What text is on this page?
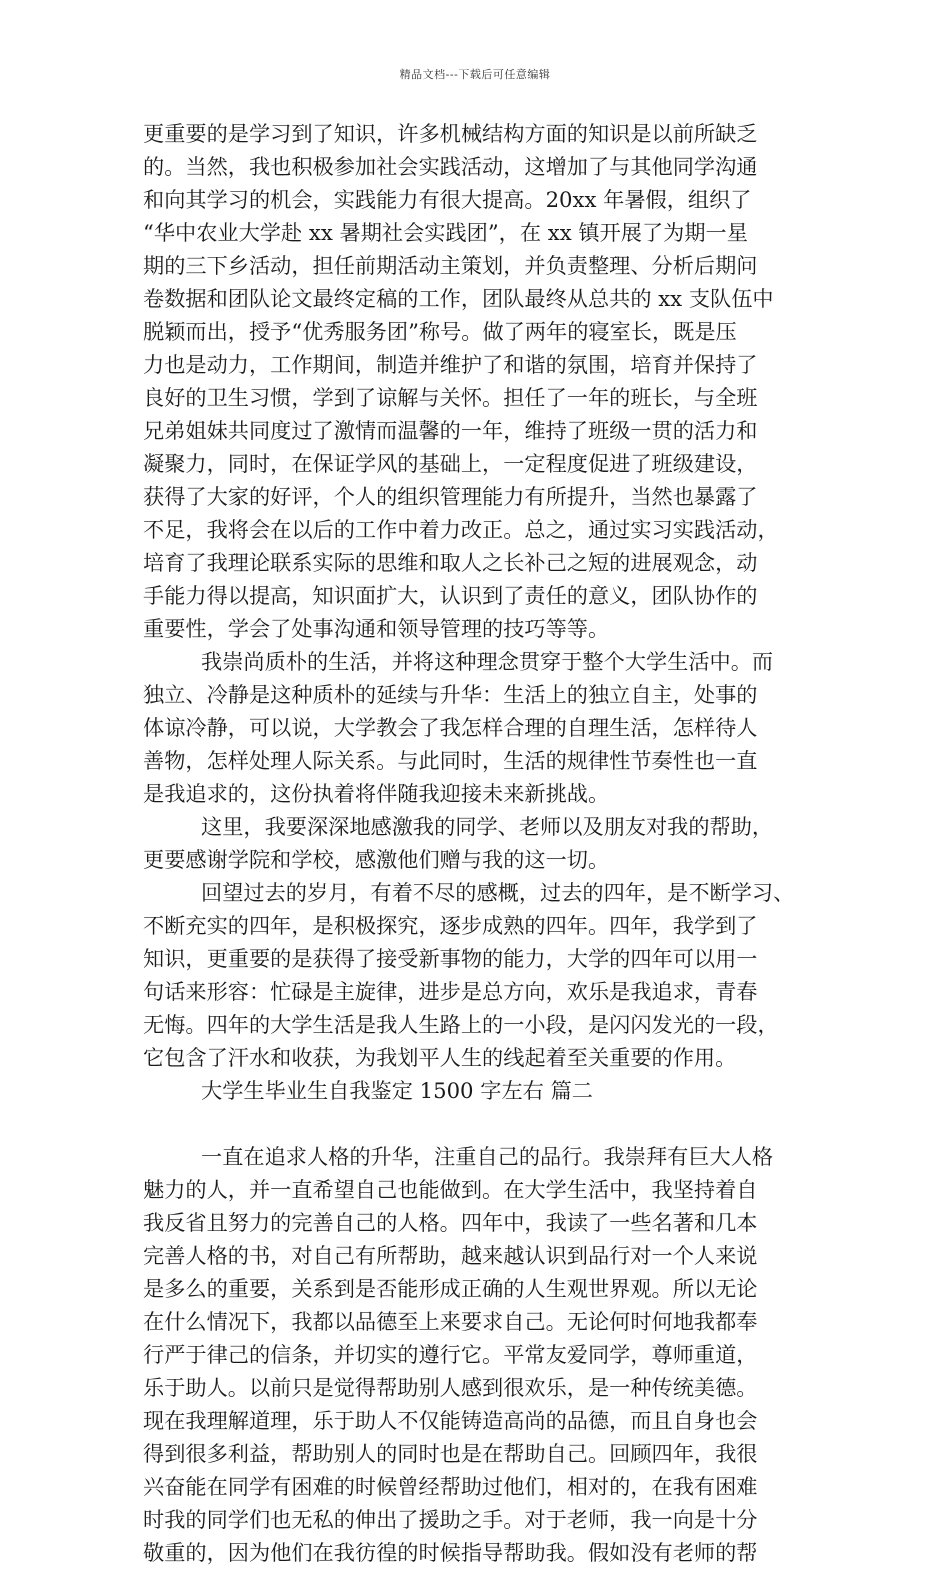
精品文档---下载后可任意编辑
更重要的是学习到了知识，许多机械结构方面的知识是以前所缺乏
的。当然，我也积极参加社会实践活动，这增加了与其他同学沟通
和向其学习的机会，实践能力有很大提高。20xx 年暑假，组织了
“华中农业大学赴 xx 暑期社会实践团”，在 xx 镇开展了为期一星
期的三下乡活动，担任前期活动主策划，并负责整理、分析后期问
卷数据和团队论文最终定稿的工作，团队最终从总共的 xx 支队伍中
脱颖而出，授予“优秀服务团”称号。做了两年的寝室长，既是压
力也是动力，工作期间，制造并维护了和谐的氛围，培育并保持了
良好的卫生习惯，学到了谅解与关怀。担任了一年的班长，与全班
兄弟姐妹共同度过了激情而温馨的一年，维持了班级一贯的活力和
凝聚力，同时，在保证学风的基础上，一定程度促进了班级建设，
获得了大家的好评，个人的组织管理能力有所提升，当然也暴露了
不足，我将会在以后的工作中着力改正。总之，通过实习实践活动，
培育了我理论联系实际的思维和取人之长补己之短的进展观念，动
手能力得以提高，知识面扩大，认识到了责任的意义，团队协作的
重要性，学会了处事沟通和领导管理的技巧等等。
我崇尚质朴的生活，并将这种理念贯穿于整个大学生活中。而
独立、冷静是这种质朴的延续与升华：生活上的独立自主，处事的
体谅冷静，可以说，大学教会了我怎样合理的自理生活，怎样待人
善物，怎样处理人际关系。与此同时，生活的规律性节奏性也一直
是我追求的，这份执着将伴随我迎接未来新挑战。
这里，我要深深地感激我的同学、老师以及朋友对我的帮助，
更要感谢学院和学校，感激他们赠与我的这一切。
回望过去的岁月，有着不尽的感概，过去的四年，是不断学习、
不断充实的四年，是积极探究，逐步成熟的四年。四年，我学到了
知识，更重要的是获得了接受新事物的能力，大学的四年可以用一
句话来形容：忙碌是主旋律，进步是总方向，欢乐是我追求，青春
无悔。四年的大学生活是我人生路上的一小段，是闪闪发光的一段，
它包含了汗水和收获，为我划平人生的线起着至关重要的作用。
大学生毕业生自我鉴定 1500 字左右 篇二
一直在追求人格的升华，注重自己的品行。我崇拜有巨大人格
魅力的人，并一直希望自己也能做到。在大学生活中，我坚持着自
我反省且努力的完善自己的人格。四年中，我读了一些名著和几本
完善人格的书，对自己有所帮助，越来越认识到品行对一个人来说
是多么的重要，关系到是否能形成正确的人生观世界观。所以无论
在什么情况下，我都以品德至上来要求自己。无论何时何地我都奉
行严于律己的信条，并切实的遵行它。平常友爱同学，尊师重道，
乐于助人。以前只是觉得帮助别人感到很欢乐，是一种传统美德。
现在我理解道理，乐于助人不仅能铸造高尚的品德，而且自身也会
得到很多利益，帮助别人的同时也是在帮助自己。回顾四年，我很
兴奋能在同学有困难的时候曾经帮助过他们，相对的，在我有困难
时我的同学们也无私的伸出了援助之手。对于老师，我一向是十分
敬重的，因为他们在我彷徨的时候指导帮助我。假如没有老师的帮
